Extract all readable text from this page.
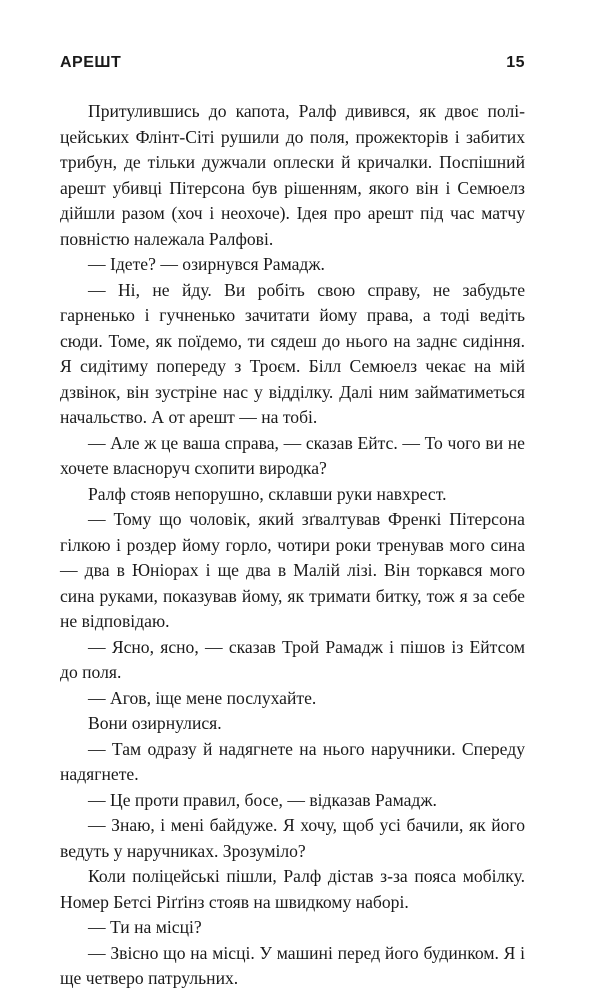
АРЕШТ	15

Притулившись до капота, Ралф дивився, як двоє поліцейських Флінт-Сіті рушили до поля, прожекторів і забитих трибун, де тільки дужчали оплески й кричалки. Поспішний арешт убивці Пітерсона був рішенням, якого він і Семюелз дійшли разом (хоч і неохоче). Ідея про арешт під час матчу повністю належала Ралфові.

— Ідете? — озирнувся Рамадж.

— Ні, не йду. Ви робіть свою справу, не забудьте гарненько і гучненько зачитати йому права, а тоді ведіть сюди. Томе, як поїдемо, ти сядеш до нього на заднє сидіння. Я сидітиму попереду з Троєм. Білл Семюелз чекає на мій дзвінок, він зустріне нас у відділку. Далі ним займатиметься начальство. А от арешт — на тобі.

— Але ж це ваша справа, — сказав Ейтс. — То чого ви не хочете власноруч схопити виродка?

Ралф стояв непорушно, склавши руки навхрест.

— Тому що чоловік, який зґвалтував Френкі Пітерсона гілкою і роздер йому горло, чотири роки тренував мого сина — два в Юніорах і ще два в Малій лізі. Він торкався мого сина руками, показував йому, як тримати битку, тож я за себе не відповідаю.

— Ясно, ясно, — сказав Трой Рамадж і пішов із Ейтсом до поля.

— Агов, іще мене послухайте.

Вони озирнулися.

— Там одразу й надягнете на нього наручники. Спереду надягнете.

— Це проти правил, босе, — відказав Рамадж.

— Знаю, і мені байдуже. Я хочу, щоб усі бачили, як його ведуть у наручниках. Зрозуміло?

Коли поліцейські пішли, Ралф дістав з-за пояса мобілку. Номер Бетсі Ріґґінз стояв на швидкому наборі.

— Ти на місці?

— Звісно що на місці. У машині перед його будинком. Я і ще четверо патрульних.
